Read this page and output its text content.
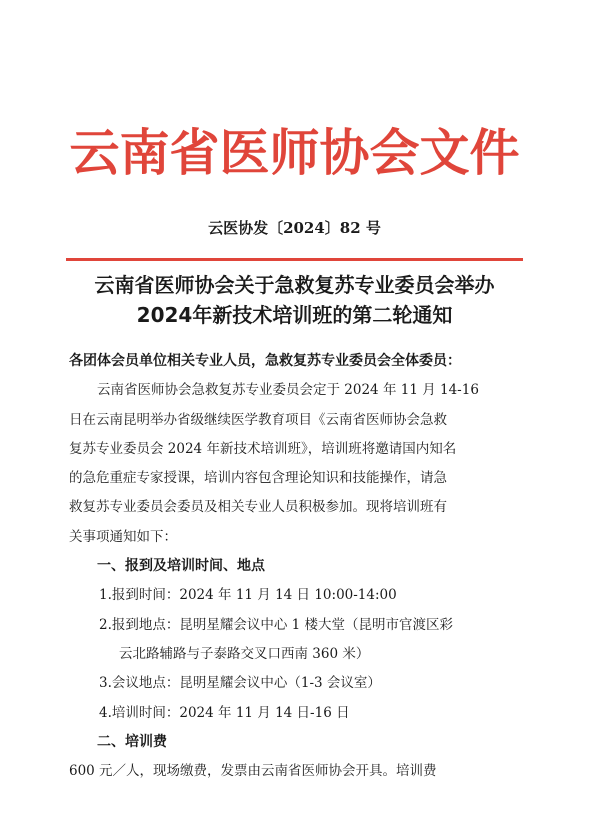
云南省医师协会文件
云医协发〔2024〕82 号
云南省医师协会关于急救复苏专业委员会举办
2024年新技术培训班的第二轮通知
各团体会员单位相关专业人员，急救复苏专业委员会全体委员：
云南省医师协会急救复苏专业委员会定于 2024 年 11 月 14-16
日在云南昆明举办省级继续医学教育项目《云南省医师协会急救
复苏专业委员会 2024 年新技术培训班》，培训班将邀请国内知名
的急危重症专家授课，培训内容包含理论知识和技能操作，请急
救复苏专业委员会委员及相关专业人员积极参加。现将培训班有
关事项通知如下：
一、报到及培训时间、地点
1.报到时间：2024 年 11 月 14 日 10:00-14:00
2.报到地点：昆明星耀会议中心 1 楼大堂（昆明市官渡区彩
云北路辅路与子泰路交叉口西南 360 米）
3.会议地点：昆明星耀会议中心（1-3 会议室）
4.培训时间：2024 年 11 月 14 日-16 日
二、培训费
600 元／人，现场缴费，发票由云南省医师协会开具。培训费
